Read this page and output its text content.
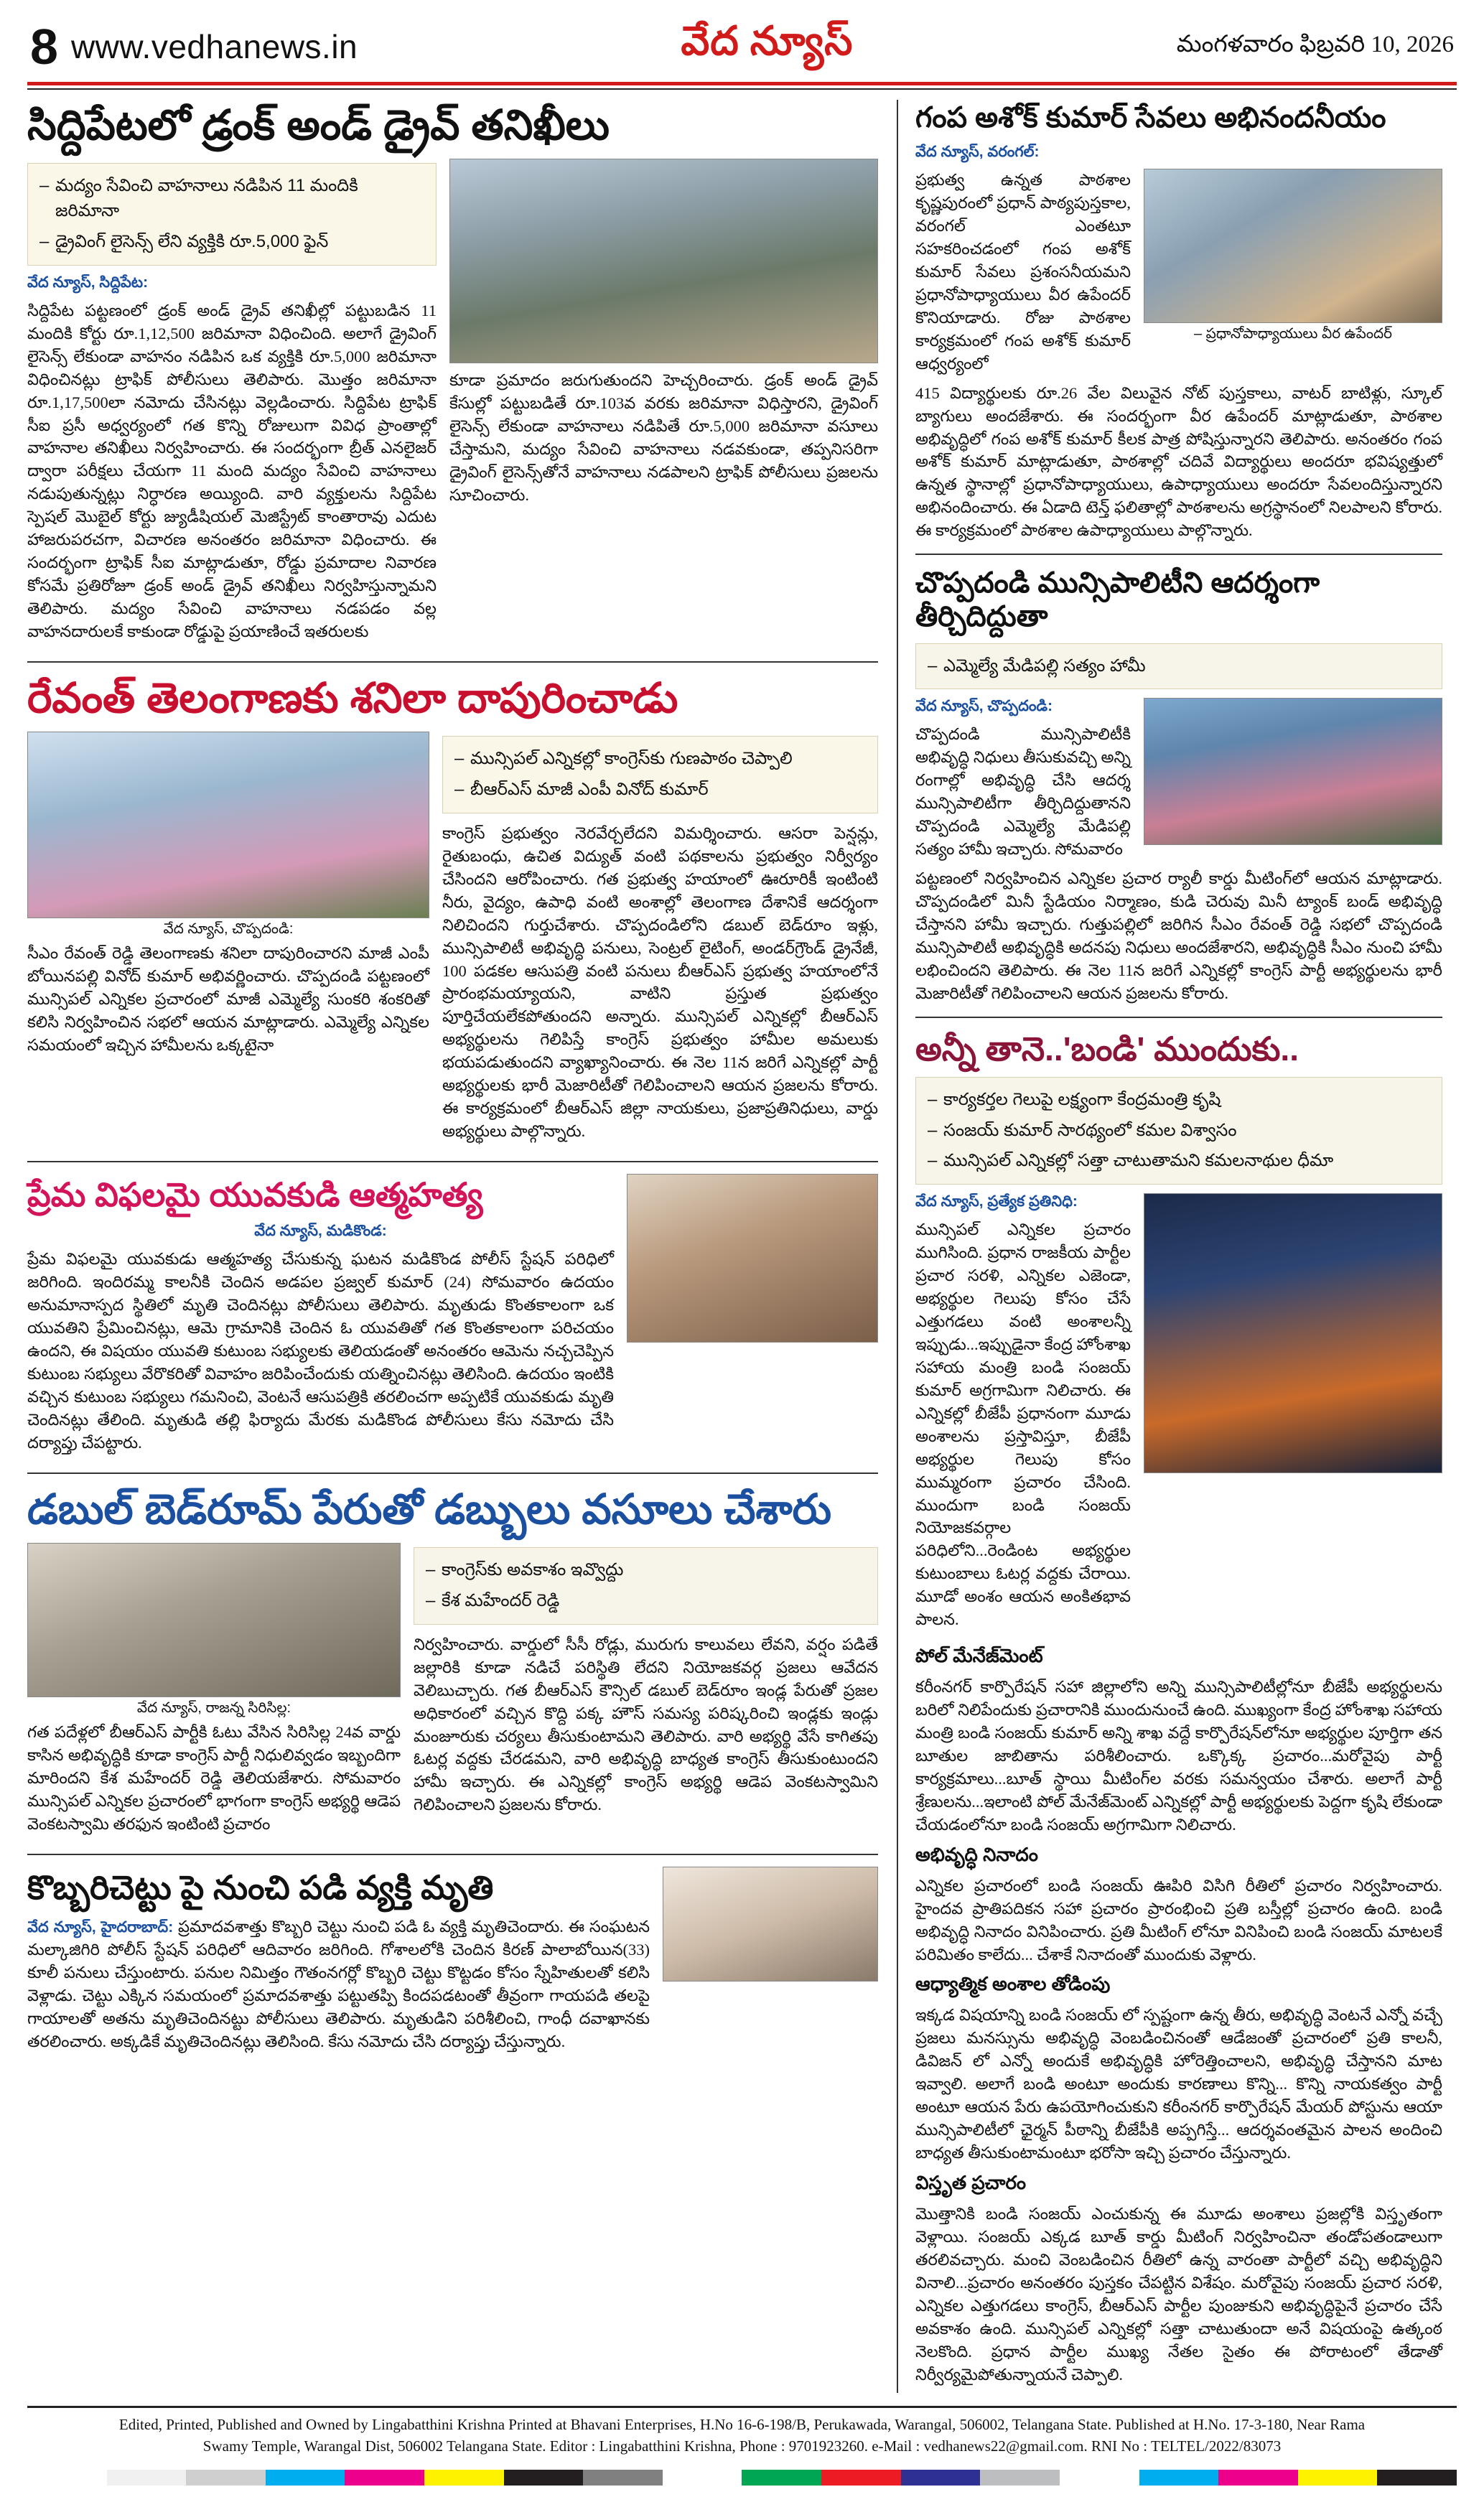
8 www.vedhanews.in	వేద న్యూస్	మంగళవారం ఫిబ్రవరి 10, 2026
సిద్దిపేటలో డ్రంక్ అండ్ డ్రైవ్ తనిఖీలు
– మద్యం సేవించి వాహనాలు నడిపిన 11 మందికి జరిమానా
– డ్రైవింగ్ లైసెన్స్ లేని వ్యక్తికి రూ.5,000 ఫైన్
వేద న్యూస్, సిద్దిపేట:

సిద్దిపేట పట్టణంలో డ్రంక్ అండ్ డ్రైవ్ తనిఖీల్లో పట్టుబడిన 11 మందికి కోర్టు రూ.1,12,500 జరిమానా విధించింది. అలాగే డ్రైవింగ్ లైసెన్స్ లేకుండా వాహనం నడిపిన ఒక వ్యక్తికి రూ.5,000 జరిమానా విధించినట్లు ట్రాఫిక్ పోలీసులు తెలిపారు. మొత్తం జరిమానా రూ.1,17,500లా నమోదు చేసినట్లు వెల్లడించారు. సిద్దిపేట ట్రాఫిక్ సీఐ ప్రసీ అధ్వర్యంలో గత కొన్ని రోజులుగా వివిధ ప్రాంతాల్లో వాహనాల తనిఖీలు నిర్వహించారు. ఈ సందర్భంగా బ్రీత్ ఎనలైజర్ ద్వారా పరీక్షలు చేయగా 11 మంది మద్యం సేవించి వాహనాలు నడుపుతున్నట్లు నిర్ధారణ అయ్యింది. వారి వ్యక్తులను సిద్దిపేట స్పెషల్ మొబైల్ కోర్టు జ్యుడీషియల్ మెజిస్ట్రేట్ కాంతారావు ఎదుట హాజరుపరచగా, విచారణ అనంతరం జరిమానా విధించారు. ఈ సందర్భంగా ట్రాఫిక్ సీఐ మాట్లాడుతూ, రోడ్డు ప్రమాదాల నివారణ కోసమే ప్రతిరోజూ డ్రంక్ అండ్ డ్రైవ్ తనిఖీలు నిర్వహిస్తున్నామని తెలిపారు. మద్యం సేవించి వాహనాలు నడపడం వల్ల వాహనదారులకే కాకుండా రోడ్డుపై ప్రయాణించే ఇతరులకు

కూడా ప్రమాదం జరుగుతుందని హెచ్చరించారు. డ్రంక్ అండ్ డ్రైవ్ కేసుల్లో పట్టుబడితే రూ.103వ వరకు జరిమానా విధిస్తారని, డ్రైవింగ్ లైసెన్స్ లేకుండా వాహనాలు నడిపితే రూ.5,000 జరిమానా వసూలు చేస్తామని, మద్యం సేవించి వాహనాలు నడవకుండా, తప్పనిసరిగా డ్రైవింగ్ లైసెన్స్‌తోనే వాహనాలు నడపాలని ట్రాఫిక్ పోలీసులు ప్రజలను సూచించారు.

రేవంత్ తెలంగాణకు శనిలా దాపురించాడు
వేద న్యూస్, చొప్పదండి:

సీఎం రేవంత్ రెడ్డి తెలంగాణకు శనిలా దాపురించారని మాజీ ఎంపీ బోయినపల్లి వినోద్ కుమార్ అభివర్ణించారు. చొప్పదండి పట్టణంలో మున్సిపల్ ఎన్నికల ప్రచారంలో మాజీ ఎమ్మెల్యే సుంకరి శంకరితో కలిసి నిర్వహించిన సభలో ఆయన మాట్లాడారు. ఎమ్మెల్యే ఎన్నికల సమయంలో ఇచ్చిన హామీలను ఒక్కటైనా

– మున్సిపల్ ఎన్నికల్లో కాంగ్రెస్‌కు గుణపాఠం చెప్పాలి
– బీఆర్ఎస్ మాజీ ఎంపీ వినోద్ కుమార్

కాంగ్రెస్ ప్రభుత్వం నెరవేర్చలేదని విమర్శించారు. ఆసరా పెన్షన్లు, రైతుబంధు, ఉచిత విద్యుత్ వంటి పథకాలను ప్రభుత్వం నిర్వీర్యం చేసిందని ఆరోపించారు. గత ప్రభుత్వ హయాంలో ఊరూరికీ ఇంటింటి నీరు, వైద్యం, ఉపాధి వంటి అంశాల్లో తెలంగాణ దేశానికే ఆదర్శంగా నిలిచిందని గుర్తుచేశారు. చొప్పదండిలోని డబుల్ బెడ్‌రూం ఇళ్లు, మున్సిపాలిటీ అభివృద్ధి పనులు, సెంట్రల్ లైటింగ్, అండర్‌గ్రౌండ్ డ్రైనేజీ, 100 పడకల ఆసుపత్రి వంటి పనులు బీఆర్ఎస్ ప్రభుత్వ హయాంలోనే ప్రారంభమయ్యాయని, వాటిని ప్రస్తుత ప్రభుత్వం పూర్తిచేయలేకపోతుందని అన్నారు. మున్సిపల్ ఎన్నికల్లో బీఆర్ఎస్ అభ్యర్థులను గెలిపిస్తే కాంగ్రెస్ ప్రభుత్వం హామీల అమలుకు భయపడుతుందని వ్యాఖ్యానించారు. ఈ నెల 11న జరిగే ఎన్నికల్లో పార్టీ అభ్యర్థులకు భారీ మెజారిటీతో గెలిపించాలని ఆయన ప్రజలను కోరారు. ఈ కార్యక్రమంలో బీఆర్ఎస్ జిల్లా నాయకులు, ప్రజాప్రతినిధులు, వార్డు అభ్యర్థులు పాల్గొన్నారు.

ప్రేమ విఫలమై యువకుడి ఆత్మహత్య
వేద న్యూస్, మడికొండ:

ప్రేమ విఫలమై యువకుడు ఆత్మహత్య చేసుకున్న ఘటన మడికొండ పోలీస్ స్టేషన్ పరిధిలో జరిగింది. ఇందిరమ్మ కాలనీకి చెందిన అడపల ప్రజ్వల్ కుమార్ (24) సోమవారం ఉదయం అనుమానాస్పద స్థితిలో మృతి చెందినట్లు పోలీసులు తెలిపారు. మృతుడు కొంతకాలంగా ఒక యువతిని ప్రేమించినట్లు, ఆమె గ్రామానికి చెందిన ఓ యువతితో గత కొంతకాలంగా పరిచయం ఉందని, ఈ విషయం యువతి కుటుంబ సభ్యులకు తెలియడంతో అనంతరం ఆమెను నచ్చచెప్పిన కుటుంబ సభ్యులు వేరొకరితో వివాహం జరిపించేందుకు యత్నించినట్లు తెలిసింది. ఉదయం ఇంటికి వచ్చిన కుటుంబ సభ్యులు గమనించి, వెంటనే ఆసుపత్రికి తరలించగా అప్పటికే యువకుడు మృతి చెందినట్లు తేలింది. మృతుడి తల్లి ఫిర్యాదు మేరకు మడికొండ పోలీసులు కేసు నమోదు చేసి దర్యాప్తు చేపట్టారు.

డబుల్ బెడ్‌రూమ్ పేరుతో డబ్బులు వసూలు చేశారు
వేద న్యూస్, రాజన్న సిరిసిల్ల:

గత పదేళ్లలో బీఆర్ఎస్ పార్టీకి ఓటు వేసిన సిరిసిల్ల 24వ వార్డు కాసిన అభివృద్ధికి కూడా కాంగ్రెస్ పార్టీ నిధులివ్వడం ఇబ్బందిగా మారిందని కేశ మహేందర్ రెడ్డి తెలియజేశారు. సోమవారం మున్సిపల్ ఎన్నికల ప్రచారంలో భాగంగా కాంగ్రెస్ అభ్యర్థి ఆడెప వెంకటస్వామి తరఫున ఇంటింటి ప్రచారం

– కాంగ్రెస్‌కు అవకాశం ఇవ్వొద్దు
– కేశ మహేందర్ రెడ్డి

నిర్వహించారు. వార్డులో సీసీ రోడ్లు, మురుగు కాలువలు లేవని, వర్షం పడితే జల్లారికి కూడా నడిచే పరిస్థితి లేదని నియోజకవర్గ ప్రజలు ఆవేదన వెలిబుచ్చారు. గత బీఆర్ఎస్ కౌన్సిల్ డబుల్ బెడ్‌రూం ఇండ్ల పేరుతో ప్రజల అధికారంలో వచ్చిన కొద్ది పక్క హౌస్ సమస్య పరిష్కరించి ఇండ్లకు ఇండ్లు మంజూరుకు చర్యలు తీసుకుంటామని తెలిపారు. వారి అభ్యర్థి వేసే కాగితపు ఓటర్ల వద్దకు చేరడమని, వారి అభివృద్ధి బాధ్యత కాంగ్రెస్ తీసుకుంటుందని హామీ ఇచ్చారు. ఈ ఎన్నికల్లో కాంగ్రెస్ అభ్యర్థి ఆడెప వెంకటస్వామిని గెలిపించాలని ప్రజలను కోరారు.

కొబ్బరిచెట్టు పై నుంచి పడి వ్యక్తి మృతి

వేద న్యూస్, హైదరాబాద్: ప్రమాదవశాత్తు కొబ్బరి చెట్టు నుంచి పడి ఓ వ్యక్తి మృతిచెందారు. ఈ సంఘటన మల్కాజిగిరి పోలీస్ స్టేషన్ పరిధిలో ఆదివారం జరిగింది. గోశాలలోకి చెందిన కిరణ్ పాలాబోయిన(33) కూలీ పనులు చేస్తుంటారు. పనుల నిమిత్తం గౌతంనగర్లో కొబ్బరి చెట్టు కొట్టడం కోసం స్నేహితులతో కలిసి వెళ్లాడు. చెట్టు ఎక్కిన సమయంలో ప్రమాదవశాత్తు పట్టుతప్పి కిందపడటంతో తీవ్రంగా గాయపడి తలపై గాయాలతో అతను మృతిచెందినట్టు పోలీసులు తెలిపారు. మృతుడిని పరిశీలించి, గాంధీ దవాఖానకు తరలించారు. అక్కడికే మృతిచెందినట్లు తెలిసింది. కేసు నమోదు చేసి దర్యాప్తు చేస్తున్నారు.

గంప అశోక్ కుమార్ సేవలు అభినందనీయం
వేద న్యూస్, వరంగల్:

ప్రభుత్వ ఉన్నత పాఠశాల కృష్ణపురంలో ప్రధాన్ పాఠ్యపుస్తకాల, వరంగల్ ఎంతటూ సహకరించడంలో గంప అశోక్ కుమార్ సేవలు ప్రశంసనీయమని ప్రధానోపాధ్యాయులు వీర ఉపేందర్ కొనియాడారు. రోజు పాఠశాల కార్యక్రమంలో గంప అశోక్ కుమార్ ఆధ్వర్యంలో

– ప్రధానోపాధ్యాయులు వీర ఉపేందర్

415 విద్యార్థులకు రూ.26 వేల విలువైన నోట్ పుస్తకాలు, వాటర్ బాటిళ్లు, స్కూల్ బ్యాగులు అందజేశారు. ఈ సందర్భంగా వీర ఉపేందర్ మాట్లాడుతూ, పాఠశాల అభివృద్ధిలో గంప అశోక్ కుమార్ కీలక పాత్ర పోషిస్తున్నారని తెలిపారు. అనంతరం గంప అశోక్ కుమార్ మాట్లాడుతూ, పాఠశాల్లో చదివే విద్యార్థులు అందరూ భవిష్యత్తులో ఉన్నత స్థానాల్లో ప్రధానోపాధ్యాయులు, ఉపాధ్యాయులు అందరూ సేవలందిస్తున్నారని అభినందించారు. ఈ ఏడాది టెన్త్ ఫలితాల్లో పాఠశాలను అగ్రస్థానంలో నిలపాలని కోరారు. ఈ కార్యక్రమంలో పాఠశాల ఉపాధ్యాయులు పాల్గొన్నారు.

చొప్పదండి మున్సిపాలిటీని ఆదర్శంగా తీర్చిదిద్దుతా
– ఎమ్మెల్యే మేడిపల్లి సత్యం హామీ
వేద న్యూస్, చొప్పదండి:

చొప్పదండి మున్సిపాలిటీకి అభివృద్ధి నిధులు తీసుకువచ్చి అన్ని రంగాల్లో అభివృద్ధి చేసి ఆదర్శ మున్సిపాలిటీగా తీర్చిదిద్దుతానని చొప్పదండి ఎమ్మెల్యే మేడిపల్లి సత్యం హామీ ఇచ్చారు. సోమవారం

పట్టణంలో నిర్వహించిన ఎన్నికల ప్రచార ర్యాలీ కార్డు మీటింగ్‌లో ఆయన మాట్లాడారు. చొప్పదండిలో మినీ స్టేడియం నిర్మాణం, కుడి చెరువు మినీ ట్యాంక్ బండ్ అభివృద్ధి చేస్తానని హామీ ఇచ్చారు. గుత్తుపల్లిలో జరిగిన సీఎం రేవంత్ రెడ్డి సభలో చొప్పదండి మున్సిపాలిటీ అభివృద్ధికి అదనపు నిధులు అందజేశారని, అభివృద్ధికి సీఎం నుంచి హామీ లభించిందని తెలిపారు. ఈ నెల 11న జరిగే ఎన్నికల్లో కాంగ్రెస్ పార్టీ అభ్యర్థులను భారీ మెజారిటీతో గెలిపించాలని ఆయన ప్రజలను కోరారు.

అన్నీ తానె..'బండి' ముందుకు..
– కార్యకర్తల గెలుపై లక్ష్యంగా కేంద్రమంత్రి కృషి
– సంజయ్ కుమార్ సారథ్యంలో కమల విశ్వాసం
– మున్సిపల్ ఎన్నికల్లో సత్తా చాటుతామని కమలనాథుల ధీమా
వేద న్యూస్, ప్రత్యేక ప్రతినిధి:

మున్సిపల్ ఎన్నికల ప్రచారం ముగిసింది. ప్రధాన రాజకీయ పార్టీల ప్రచార సరళి, ఎన్నికల ఎజెండా, అభ్యర్థుల గెలుపు కోసం చేసే ఎత్తుగడలు వంటి అంశాలన్నీ ఇప్పుడు...ఇప్పుడైనా కేంద్ర హోంశాఖ సహాయ మంత్రి బండి సంజయ్ కుమార్ అగ్రగామిగా నిలిచారు. ఈ ఎన్నికల్లో బీజేపీ ప్రధానంగా మూడు అంశాలను ప్రస్తావిస్తూ, బీజేపీ అభ్యర్థుల గెలుపు కోసం ముమ్మరంగా ప్రచారం చేసింది. ముందుగా బండి సంజయ్ నియోజకవర్గాల పరిధిలోని...రెండింట అభ్యర్థుల కుటుంబాలు ఓటర్ల వద్దకు చేరాయి. మూడో అంశం ఆయన అంకితభావ పాలన.

పోల్ మేనేజ్‌మెంట్

కరీంనగర్ కార్పొరేషన్ సహా జిల్లాలోని అన్ని మున్సిపాలిటీల్లోనూ బీజేపీ అభ్యర్థులను బరిలో నిలిపేందుకు ప్రచారానికి ముందునుంచే ఉంది. ముఖ్యంగా కేంద్ర హోంశాఖ సహాయ మంత్రి బండి సంజయ్ కుమార్ అన్ని శాఖ వద్దే కార్పొరేషన్‌లోనూ అభ్యర్థుల పూర్తిగా తన బూతుల జాబితాను పరిశీలించారు. ఒక్కొక్క ప్రచారం...మరోవైపు పార్టీ కార్యక్రమాలు...బూత్ స్థాయి మీటింగ్‌ల వరకు సమన్వయం చేశారు. అలాగే పార్టీ శ్రేణులను...ఇలాంటి పోల్ మేనేజ్‌మెంట్ ఎన్నికల్లో పార్టీ అభ్యర్థులకు పెద్దగా కృషి లేకుండా చేయడంలోనూ బండి సంజయ్ అగ్రగామిగా నిలిచారు.

అభివృద్ధి నినాదం

ఎన్నికల ప్రచారంలో బండి సంజయ్ ఊపిరి విసిగి రీతిలో ప్రచారం నిర్వహించారు. హైందవ ప్రాతిపదికన సహా ప్రచారం ప్రారంభించి ప్రతి బస్తీల్లో ప్రచారం ఉంది. బండి అభివృద్ధి నినాదం వినిపించారు. ప్రతి మీటింగ్ లోనూ వినిపించి బండి సంజయ్ మాటలకే పరిమితం కాలేదు... చేశాకే నినాదంతో ముందుకు వెళ్లారు.

ఆధ్యాత్మిక అంశాల తోడింపు

ఇక్కడ విషయాన్ని బండి సంజయ్ లో స్పష్టంగా ఉన్న తీరు, అభివృద్ధి వెంటనే ఎన్నో వచ్చే ప్రజలు మనస్సును అభివృద్ధి వెంబడించినంతో ఆడేజంతో ప్రచారంలో ప్రతి కాలనీ, డివిజన్ లో ఎన్నో అందుకే అభివృద్ధికి హోరెత్తించాలని, అభివృద్ధి చేస్తానని మాట ఇవ్వాలి. అలాగే బండి అంటూ అందుకు కారణాలు కొన్ని... కొన్ని నాయకత్వం పార్టీ అంటూ ఆయన పేరు ఉపయోగించుకుని కరీంనగర్ కార్పొరేషన్ మేయర్ పోస్టును ఆయా మున్సిపాలిటీలో ఛైర్మన్ పీఠాన్ని బీజేపీకి అప్పగిస్తే... ఆదర్శవంతమైన పాలన అందించి బాధ్యత తీసుకుంటామంటూ భరోసా ఇచ్చి ప్రచారం చేస్తున్నారు.

విస్తృత ప్రచారం

మొత్తానికి బండి సంజయ్ ఎంచుకున్న ఈ మూడు అంశాలు ప్రజల్లోకి విస్తృతంగా వెళ్లాయి. సంజయ్ ఎక్కడ బూత్ కార్డు మీటింగ్ నిర్వహించినా తండోపతండాలుగా తరలివచ్చారు. మంచి వెంబడించిన రీతిలో ఉన్న వారంతా పార్టీలో వచ్చి అభివృద్ధిని వినాలి...ప్రచారం అనంతరం పుస్తకం చేపట్టిన విశేషం. మరోవైపు సంజయ్ ప్రచార సరళి, ఎన్నికల ఎత్తుగడలు కాంగ్రెస్, బీఆర్ఎస్ పార్టీల పుంజుకుని అభివృద్ధిపైనే ప్రచారం చేసే అవకాశం ఉంది. మున్సిపల్ ఎన్నికల్లో సత్తా చాటుతుందా అనే విషయంపై ఉత్కంఠ నెలకొంది. ప్రధాన పార్టీల ముఖ్య నేతల సైతం ఈ పోరాటంలో తేడాతో నిర్వీర్యమైపోతున్నాయనే చెప్పాలి.

Edited, Printed, Published and Owned by Lingabatthini Krishna Printed at Bhavani Enterprises, H.No 16-6-198/B, Perukawada, Warangal, 506002, Telangana State. Published at H.No. 17-3-180, Near Rama
Swamy Temple, Warangal Dist, 506002 Telangana State. Editor : Lingabatthini Krishna, Phone : 9701923260. e-Mail : vedhanews22@gmail.com. RNI No : TELTEL/2022/83073
